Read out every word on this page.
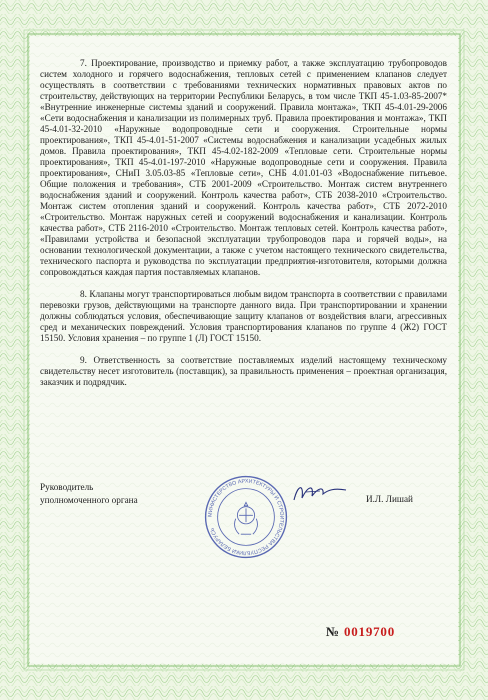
7. Проектирование, производство и приемку работ, а также эксплуатацию трубопроводов систем холодного и горячего водоснабжения, тепловых сетей с применением клапанов следует осуществлять в соответствии с требованиями технических нормативных правовых актов по строительству, действующих на территории Республики Беларусь, в том числе ТКП 45-1.03-85-2007* «Внутренние инженерные системы зданий и сооружений. Правила монтажа», ТКП 45-4.01-29-2006 «Сети водоснабжения и канализации из полимерных труб. Правила проектирования и монтажа», ТКП 45-4.01-32-2010 «Наружные водопроводные сети и сооружения. Строительные нормы проектирования», ТКП 45-4.01-51-2007 «Системы водоснабжения и канализации усадебных жилых домов. Правила проектирования», ТКП 45-4.02-182-2009 «Тепловые сети. Строительные нормы проектирования», ТКП 45-4.01-197-2010 «Наружные водопроводные сети и сооружения. Правила проектирования», СНиП 3.05.03-85 «Тепловые сети», СНБ 4.01.01-03 «Водоснабжение питьевое. Общие положения и требования», СТБ 2001-2009 «Строительство. Монтаж систем внутреннего водоснабжения зданий и сооружений. Контроль качества работ», СТБ 2038-2010 «Строительство. Монтаж систем отопления зданий и сооружений. Контроль качества работ», СТБ 2072-2010 «Строительство. Монтаж наружных сетей и сооружений водоснабжения и канализации. Контроль качества работ», СТБ 2116-2010 «Строительство. Монтаж тепловых сетей. Контроль качества работ», «Правилами устройства и безопасной эксплуатации трубопроводов пара и горячей воды», на основании технологической документации, а также с учетом настоящего технического свидетельства, технического паспорта и руководства по эксплуатации предприятия-изготовителя, которыми должна сопровождаться каждая партия поставляемых клапанов.

8. Клапаны могут транспортироваться любым видом транспорта в соответствии с правилами перевозки грузов, действующими на транспорте данного вида. При транспортировании и хранении должны соблюдаться условия, обеспечивающие защиту клапанов от воздействия влаги, агрессивных сред и механических повреждений. Условия транспортирования клапанов по группе 4 (Ж2) ГОСТ 15150. Условия хранения – по группе 1 (Л) ГОСТ 15150.

9. Ответственность за соответствие поставляемых изделий настоящему техническому свидетельству несет изготовитель (поставщик), за правильность применения – проектная организация, заказчик и подрядчик.

Руководитель
уполномоченного органа	И.Л. Лишай
МИНИСТЕРСТВО АРХИТЕКТУРЫ И СТРОИТЕЛЬСТВА РЕСПУБЛИКИ БЕЛАРУСЬ
№ 0019700
